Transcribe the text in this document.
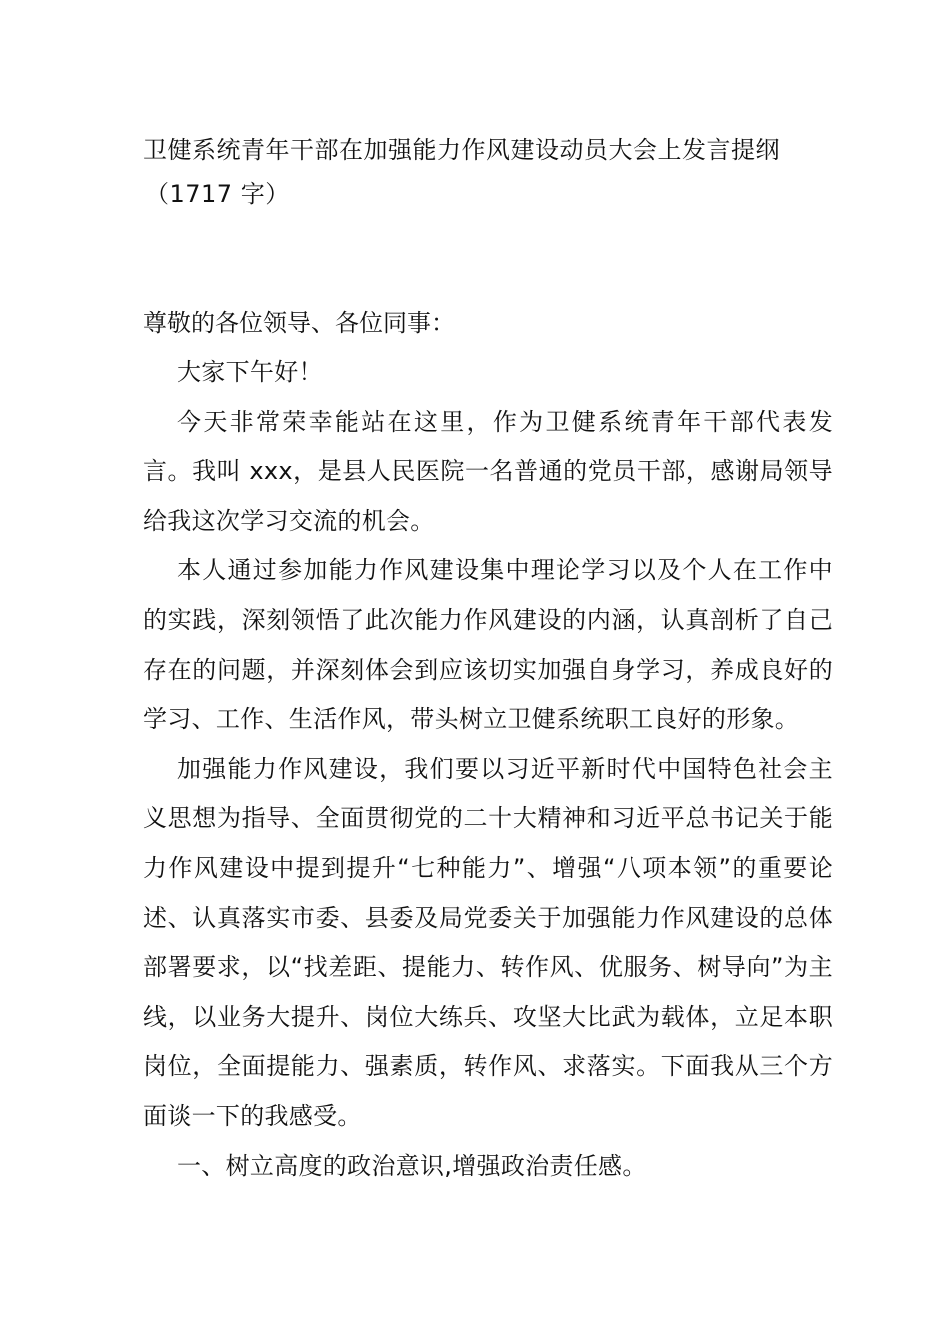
卫健系统青年干部在加强能力作风建设动员大会上发言提纲
（1717 字）

尊敬的各位领导、各位同事：

大家下午好！

今天非常荣幸能站在这里，作为卫健系统青年干部代表发言。我叫 xxx，是县人民医院一名普通的党员干部，感谢局领导给我这次学习交流的机会。

本人通过参加能力作风建设集中理论学习以及个人在工作中的实践，深刻领悟了此次能力作风建设的内涵，认真剖析了自己存在的问题，并深刻体会到应该切实加强自身学习，养成良好的学习、工作、生活作风，带头树立卫健系统职工良好的形象。

加强能力作风建设，我们要以习近平新时代中国特色社会主义思想为指导、全面贯彻党的二十大精神和习近平总书记关于能力作风建设中提到提升“七种能力”、增强“八项本领”的重要论述、认真落实市委、县委及局党委关于加强能力作风建设的总体部署要求，以“找差距、提能力、转作风、优服务、树导向”为主线，以业务大提升、岗位大练兵、攻坚大比武为载体，立足本职岗位，全面提能力、强素质，转作风、求落实。下面我从三个方面谈一下的我感受。

一、树立高度的政治意识,增强政治责任感。
